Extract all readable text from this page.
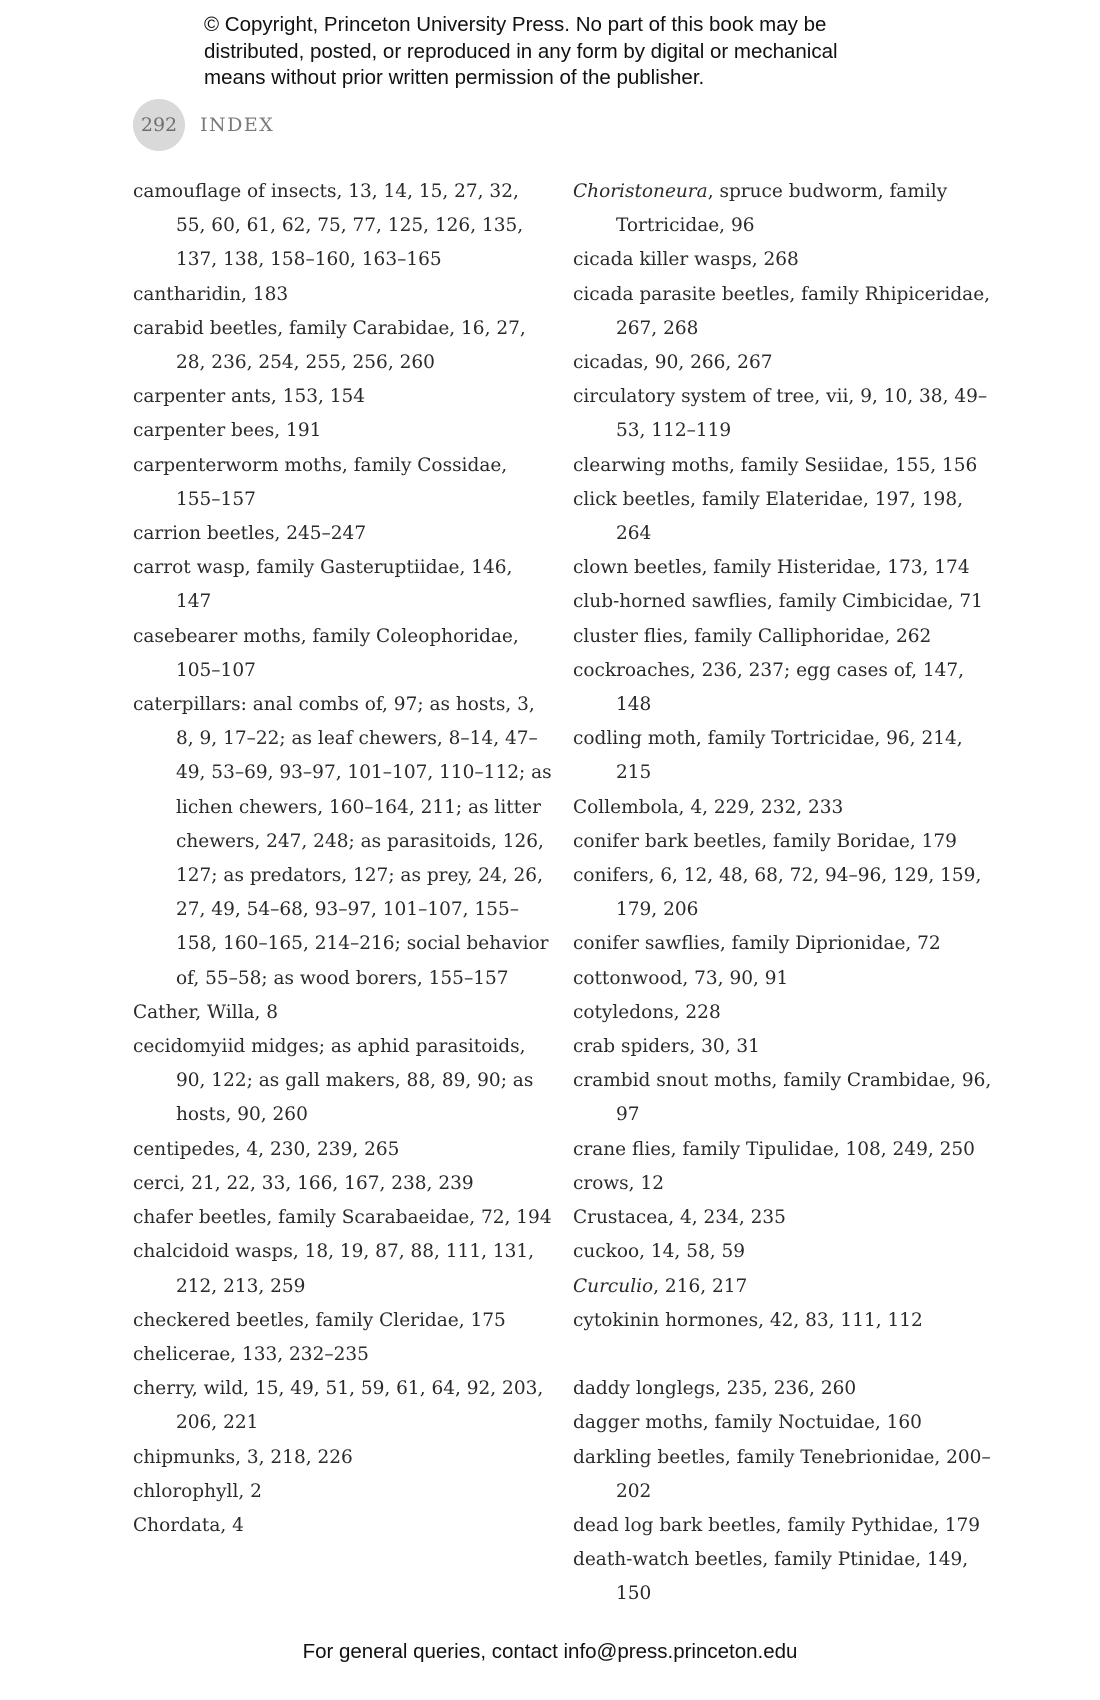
© Copyright, Princeton University Press. No part of this book may be
distributed, posted, or reproduced in any form by digital or mechanical
means without prior written permission of the publisher.
292	INDEX
camouflage of insects, 13, 14, 15, 27, 32, 55, 60, 61, 62, 75, 77, 125, 126, 135, 137, 138, 158–160, 163–165
cantharidin, 183
carabid beetles, family Carabidae, 16, 27, 28, 236, 254, 255, 256, 260
carpenter ants, 153, 154
carpenter bees, 191
carpenterworm moths, family Cossidae, 155–157
carrion beetles, 245–247
carrot wasp, family Gasteruptiidae, 146, 147
casebearer moths, family Coleophoridae, 105–107
caterpillars: anal combs of, 97; as hosts, 3, 8, 9, 17–22; as leaf chewers, 8–14, 47–49, 53–69, 93–97, 101–107, 110–112; as lichen chewers, 160–164, 211; as litter chewers, 247, 248; as parasitoids, 126, 127; as predators, 127; as prey, 24, 26, 27, 49, 54–68, 93–97, 101–107, 155–158, 160–165, 214–216; social behavior of, 55–58; as wood borers, 155–157
Cather, Willa, 8
cecidomyiid midges; as aphid parasitoids, 90, 122; as gall makers, 88, 89, 90; as hosts, 90, 260
centipedes, 4, 230, 239, 265
cerci, 21, 22, 33, 166, 167, 238, 239
chafer beetles, family Scarabaeidae, 72, 194
chalcidoid wasps, 18, 19, 87, 88, 111, 131, 212, 213, 259
checkered beetles, family Cleridae, 175
chelicerae, 133, 232–235
cherry, wild, 15, 49, 51, 59, 61, 64, 92, 203, 206, 221
chipmunks, 3, 218, 226
chlorophyll, 2
Chordata, 4
Choristoneura, spruce budworm, family Tortricidae, 96
cicada killer wasps, 268
cicada parasite beetles, family Rhipiceridae, 267, 268
cicadas, 90, 266, 267
circulatory system of tree, vii, 9, 10, 38, 49–53, 112–119
clearwing moths, family Sesiidae, 155, 156
click beetles, family Elateridae, 197, 198, 264
clown beetles, family Histeridae, 173, 174
club-horned sawflies, family Cimbicidae, 71
cluster flies, family Calliphoridae, 262
cockroaches, 236, 237; egg cases of, 147, 148
codling moth, family Tortricidae, 96, 214, 215
Collembola, 4, 229, 232, 233
conifer bark beetles, family Boridae, 179
conifers, 6, 12, 48, 68, 72, 94–96, 129, 159, 179, 206
conifer sawflies, family Diprionidae, 72
cottonwood, 73, 90, 91
cotyledons, 228
crab spiders, 30, 31
crambid snout moths, family Crambidae, 96, 97
crane flies, family Tipulidae, 108, 249, 250
crows, 12
Crustacea, 4, 234, 235
cuckoo, 14, 58, 59
Curculio, 216, 217
cytokinin hormones, 42, 83, 111, 112
daddy longlegs, 235, 236, 260
dagger moths, family Noctuidae, 160
darkling beetles, family Tenebrionidae, 200–202
dead log bark beetles, family Pythidae, 179
death-watch beetles, family Ptinidae, 149, 150
For general queries, contact info@press.princeton.edu
